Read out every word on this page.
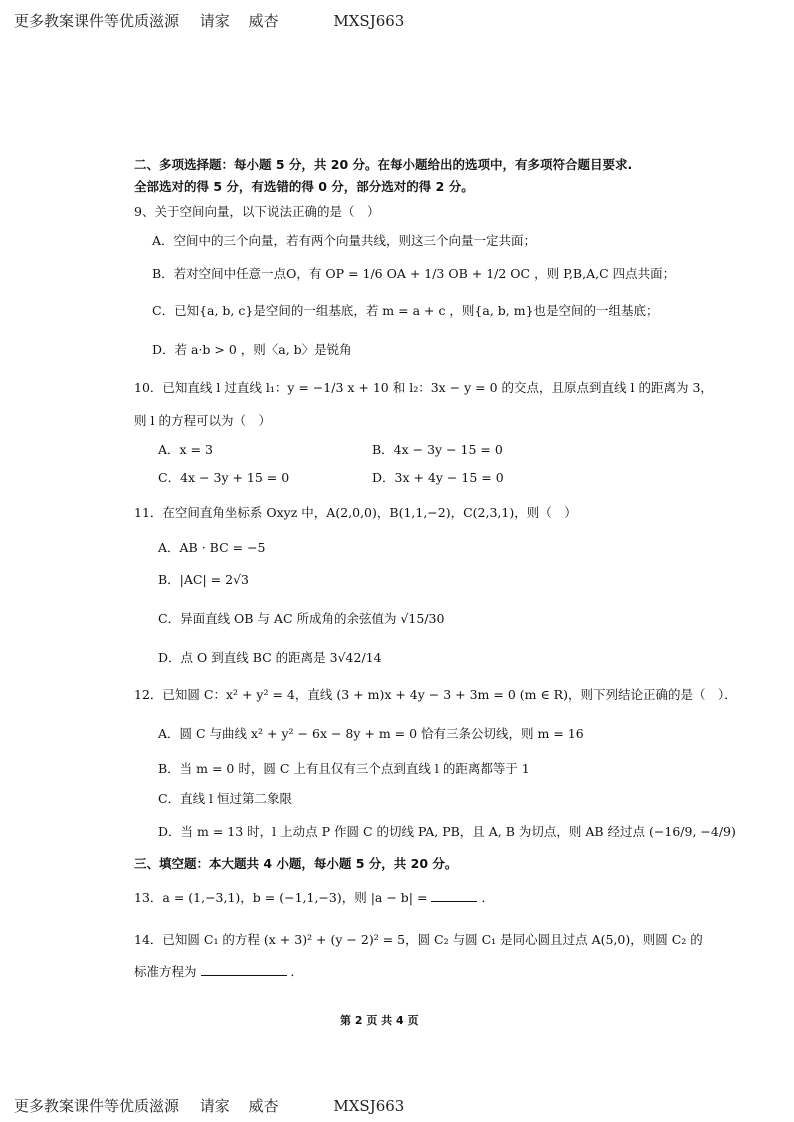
更多教案课件等优质滋源 请家 威杏	MXSJ663
二、多项选择题：每小题 5 分，共 20 分。在每小题给出的选项中，有多项符合题目要求.
全部选对的得 5 分，有选错的得 0 分，部分选对的得 2 分。
9、关于空间向量，以下说法正确的是（　）
A．空间中的三个向量，若有两个向量共线，则这三个向量一定共面；
B．若对空间中任意一点O，有 OP = 1/6 OA + 1/3 OB + 1/2 OC ，则 P,B,A,C 四点共面；
C．已知{a, b, c}是空间的一组基底，若 m = a + c ，则{a, b, m}也是空间的一组基底；
D．若 a·b > 0 ，则〈a, b〉是锐角
10．已知直线 l 过直线 l₁：y = −1/3 x + 10 和 l₂：3x − y = 0 的交点，且原点到直线 l 的距离为 3，
则 l 的方程可以为（　）
A．x = 3	B．4x − 3y − 15 = 0
C．4x − 3y + 15 = 0	D．3x + 4y − 15 = 0
11．在空间直角坐标系 Oxyz 中，A(2,0,0)，B(1,1,−2)，C(2,3,1)，则（　）
A．AB · BC = −5
B．|AC| = 2√3
C．异面直线 OB 与 AC 所成角的余弦值为 √15/30
D．点 O 到直线 BC 的距离是 3√42/14
12．已知圆 C：x² + y² = 4，直线 (3 + m)x + 4y − 3 + 3m = 0 (m ∈ R)，则下列结论正确的是（　）．
A．圆 C 与曲线 x² + y² − 6x − 8y + m = 0 恰有三条公切线，则 m = 16
B．当 m = 0 时，圆 C 上有且仅有三个点到直线 l 的距离都等于 1
C．直线 l 恒过第二象限
D．当 m = 13 时，l 上动点 P 作圆 C 的切线 PA, PB，且 A, B 为切点，则 AB 经过点 (−16/9, −4/9)
三、填空题：本大题共 4 小题，每小题 5 分，共 20 分。
13．a = (1,−3,1)，b = (−1,1,−3)，则 |a − b| =	．
14．已知圆 C₁ 的方程 (x + 3)² + (y − 2)² = 5，圆 C₂ 与圆 C₁ 是同心圆且过点 A(5,0)，则圆 C₂ 的
标准方程为	．
第 2 页 共 4 页
更多教案课件等优质滋源 请家 威杏	MXSJ663
